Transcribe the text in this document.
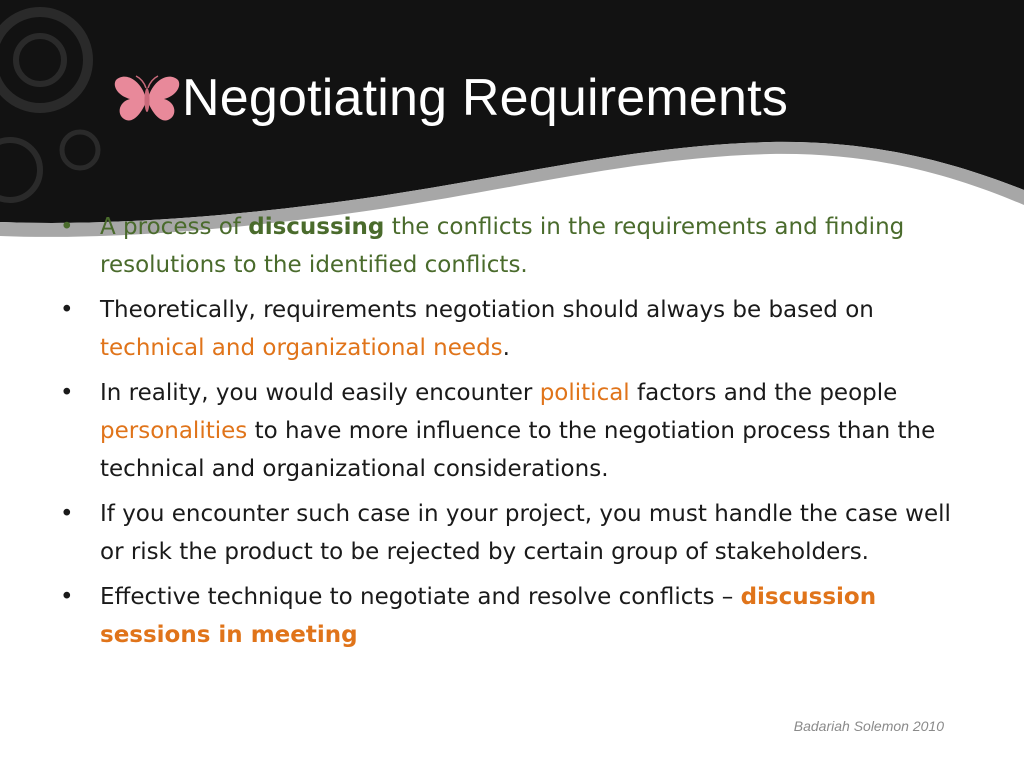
Negotiating Requirements
• A process of discussing the conflicts in the requirements and finding resolutions to the identified conflicts.
• Theoretically, requirements negotiation should always be based on technical and organizational needs.
• In reality, you would easily encounter political factors and the people personalities to have more influence to the negotiation process than the technical and organizational considerations.
• If you encounter such case in your project, you must handle the case well or risk the product to be rejected by certain group of stakeholders.
• Effective technique to negotiate and resolve conflicts – discussion sessions in meeting
Badariah Solemon 2010
